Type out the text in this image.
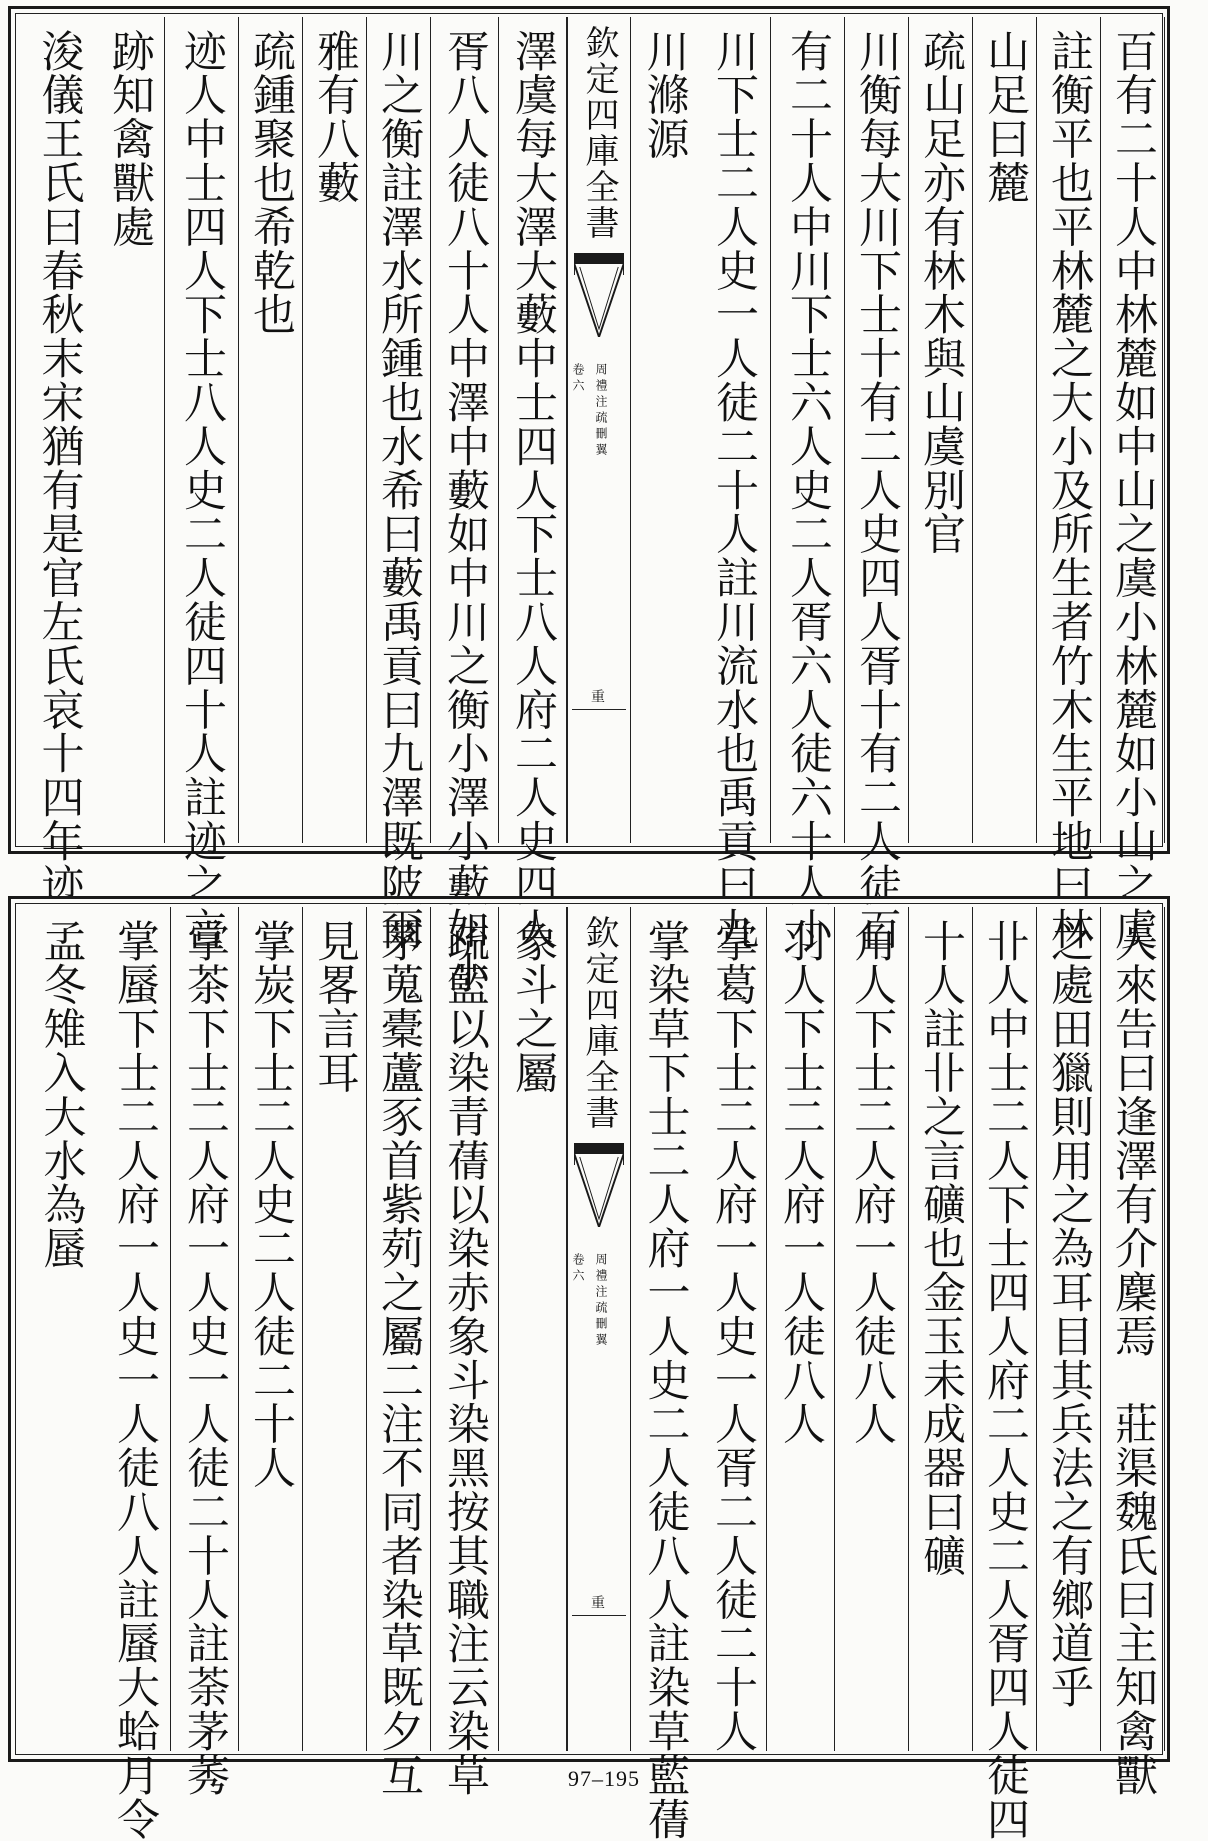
百有二十人中林麓如中山之虞小林麓如小山之虞
註衡平也平林麓之大小及所生者竹木生平地曰林
山足曰麓
疏山足亦有林木與山虞別官
川衡每大川下士十有二人史四人胥十有二人徒百
有二十人中川下士六人史二人胥六人徒六十人小
川下士二人史一人徒二十人註川流水也禹貢曰九
川滌源
欽定四庫全書
周禮注疏刪翼
卷六
重
澤虞每大澤大藪中士四人下士八人府二人史四人
胥八人徒八十人中澤中藪如中川之衡小澤小藪如小
川之衡註澤水所鍾也水希曰藪禹貢曰九澤既陂爾
雅有八藪
疏鍾聚也希乾也
迹人中士四人下士八人史二人徒四十人註迹之言
跡知禽獸處
浚儀王氏曰春秋末宋猶有是官左氏哀十四年迹
人來告曰逢澤有介麇焉　莊渠魏氏曰主知禽獸
之處田獵則用之為耳目其兵法之有鄉道乎
卝人中士二人下士四人府二人史二人胥四人徒四
十人註卝之言礦也金玉未成器曰礦
角人下士二人府一人徒八人
羽人下士二人府一人徒八人
掌葛下士二人府一人史一人胥二人徒二十人
掌染草下士二人府一人史二人徒八人註染草藍蒨
欽定四庫全書
周禮注疏刪翼
卷六
重
象斗之屬
疏藍以染青蒨以染赤象斗染黑按其職注云染草
茅蒐橐蘆豕首紫茢之屬二注不同者染草既夕互
見畧言耳
掌炭下士二人史二人徒二十人
掌茶下士二人府一人史一人徒二十人註荼茅莠
掌蜃下士二人府一人史一人徒八人註蜃大蛤月令
孟冬雉入大水為蜃
97–195
